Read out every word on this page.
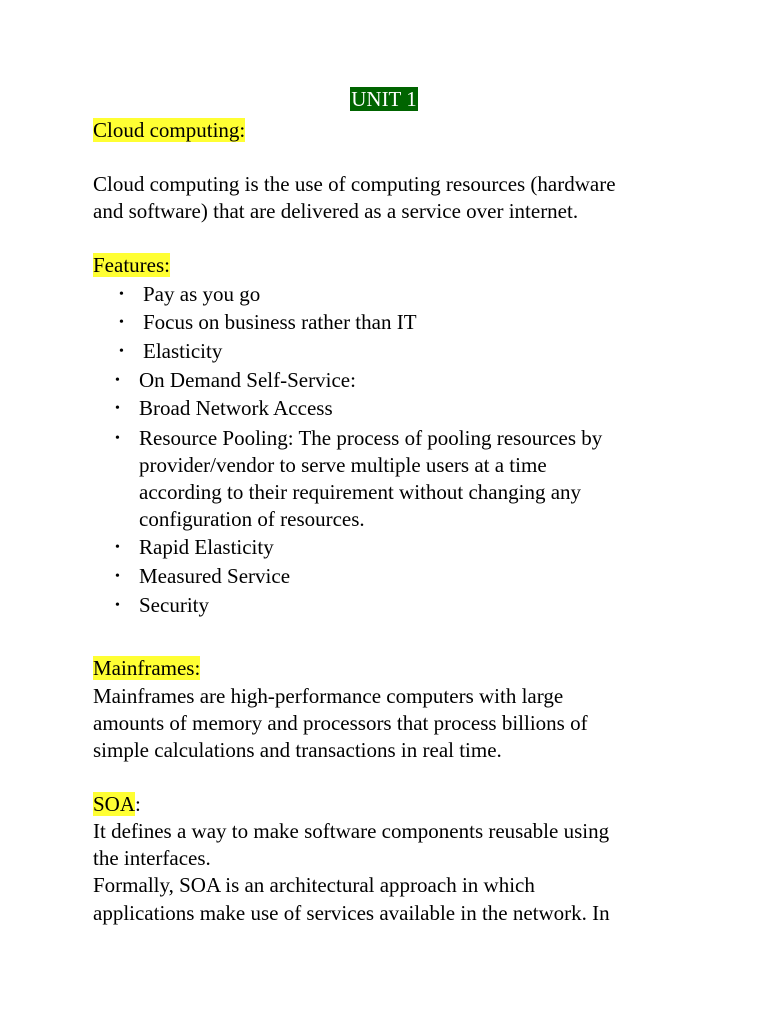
UNIT 1
Cloud computing:
Cloud computing is the use of computing resources (hardware
and software) that are delivered as a service over internet.
Features:
• Pay as you go
• Focus on business rather than IT
• Elasticity
• On Demand Self-Service:
• Broad Network Access
• Resource Pooling: The process of pooling resources by
provider/vendor to serve multiple users at a time
according to their requirement without changing any
configuration of resources.
• Rapid Elasticity
• Measured Service
• Security
Mainframes:
Mainframes are high-performance computers with large
amounts of memory and processors that process billions of
simple calculations and transactions in real time.
SOA:
It defines a way to make software components reusable using
the interfaces.
Formally, SOA is an architectural approach in which
applications make use of services available in the network. In
